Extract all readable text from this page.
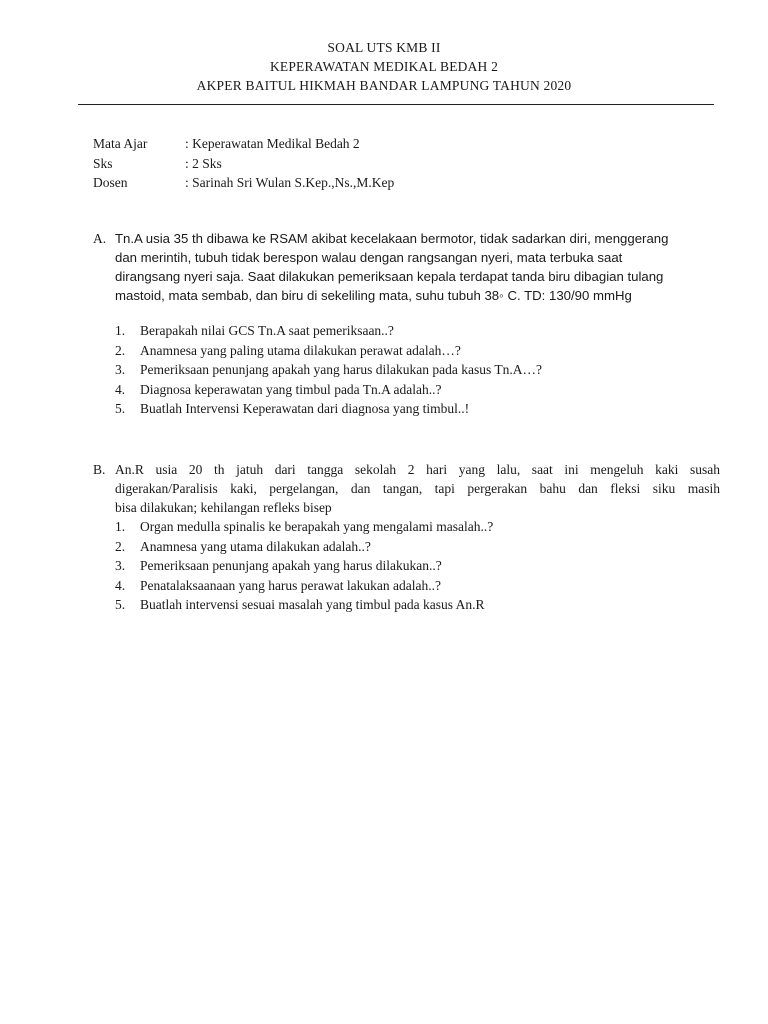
SOAL UTS KMB II
KEPERAWATAN MEDIKAL BEDAH 2
AKPER BAITUL HIKMAH BANDAR LAMPUNG TAHUN 2020
Mata Ajar	: Keperawatan Medikal Bedah 2
Sks	: 2 Sks
Dosen	: Sarinah Sri Wulan S.Kep.,Ns.,M.Kep
A. Tn.A usia 35 th dibawa ke RSAM akibat kecelakaan bermotor, tidak sadarkan diri, menggerang
dan merintih, tubuh tidak berespon walau dengan rangsangan nyeri, mata terbuka saat
dirangsang nyeri saja. Saat dilakukan pemeriksaan kepala terdapat tanda biru dibagian tulang
mastoid, mata sembab, dan biru di sekeliling mata, suhu tubuh 38◦ C. TD: 130/90 mmHg
1.	Berapakah nilai GCS Tn.A saat pemeriksaan..?
2.	Anamnesa yang paling utama dilakukan perawat adalah…?
3.	Pemeriksaan penunjang apakah yang harus dilakukan pada kasus Tn.A…?
4.	Diagnosa keperawatan yang timbul pada Tn.A adalah..?
5.	Buatlah Intervensi Keperawatan dari diagnosa yang timbul..!
B. An.R usia 20 th jatuh dari tangga sekolah 2 hari yang lalu, saat ini mengeluh kaki susah
digerakan/Paralisis kaki, pergelangan, dan tangan, tapi pergerakan bahu dan fleksi siku masih
bisa dilakukan; kehilangan refleks bisep
1.	Organ medulla spinalis ke berapakah yang mengalami masalah..?
2.	Anamnesa yang utama dilakukan adalah..?
3.	Pemeriksaan penunjang apakah yang harus dilakukan..?
4.	Penatalaksaanaan yang harus perawat lakukan adalah..?
5.	Buatlah intervensi sesuai masalah yang timbul pada kasus An.R
